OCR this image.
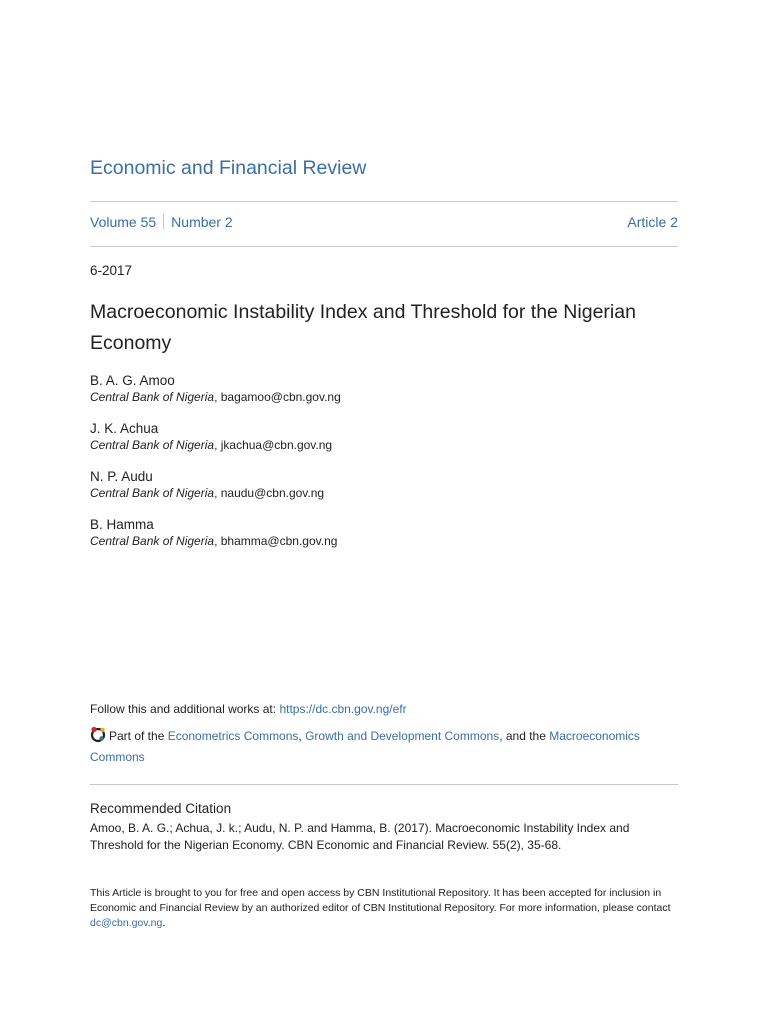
Economic and Financial Review
Volume 55 Number 2	Article 2
6-2017
Macroeconomic Instability Index and Threshold for the Nigerian Economy
B. A. G. Amoo
Central Bank of Nigeria, bagamoo@cbn.gov.ng
J. K. Achua
Central Bank of Nigeria, jkachua@cbn.gov.ng
N. P. Audu
Central Bank of Nigeria, naudu@cbn.gov.ng
B. Hamma
Central Bank of Nigeria, bhamma@cbn.gov.ng
Follow this and additional works at: https://dc.cbn.gov.ng/efr
Part of the Econometrics Commons, Growth and Development Commons, and the Macroeconomics Commons
Recommended Citation
Amoo, B. A. G.; Achua, J. k.; Audu, N. P. and Hamma, B. (2017). Macroeconomic Instability Index and Threshold for the Nigerian Economy. CBN Economic and Financial Review. 55(2), 35-68.
This Article is brought to you for free and open access by CBN Institutional Repository. It has been accepted for inclusion in Economic and Financial Review by an authorized editor of CBN Institutional Repository. For more information, please contact dc@cbn.gov.ng.
